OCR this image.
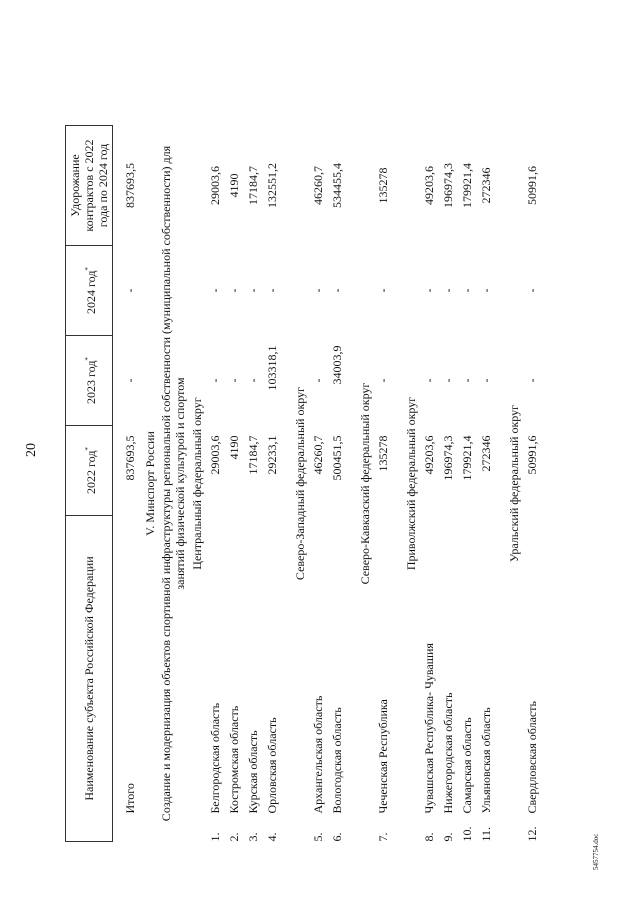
20
Наименование субъекта Российской Федерации		2022 год*	2023 год*	2024 год*	Удорожание контрактов с 2022 года по 2024 год

	Итого	837693,5	-	-	837693,5
V. Минспорт России					
Создание и модернизация объектов спортивной инфраструктуры региональной собственности (муниципальной собственности) для занятий физической культурой и спортом					
Центральный федеральный округ					
1.	Белгородская область	29003,6	-	-	29003,6
2.	Костромская область	4190	-	-	4190
3.	Курская область	17184,7	-	-	17184,7
4.	Орловская область	29233,1	103318,1	-	132551,2

Северо-Западный федеральный округ					
5.	Архангельская область	46260,7	-	-	46260,7
6.	Вологодская область	500451,5	34003,9	-	534455,4

Северо-Кавказский федеральный округ					
7.	Чеченская Республика	135278	-	-	135278

Приволжский федеральный округ					
8.	Чувашская Республика- Чувашия	49203,6	-	-	49203,6
9.	Нижегородская область	196974,3	-	-	196974,3
10.	Самарская область	179921,4	-	-	179921,4
11.	Ульяновская область	272346	-	-	272346

Уральский федеральный округ					
12.	Свердловская область	50991,6	-	-	50991,6

5457754.doc
